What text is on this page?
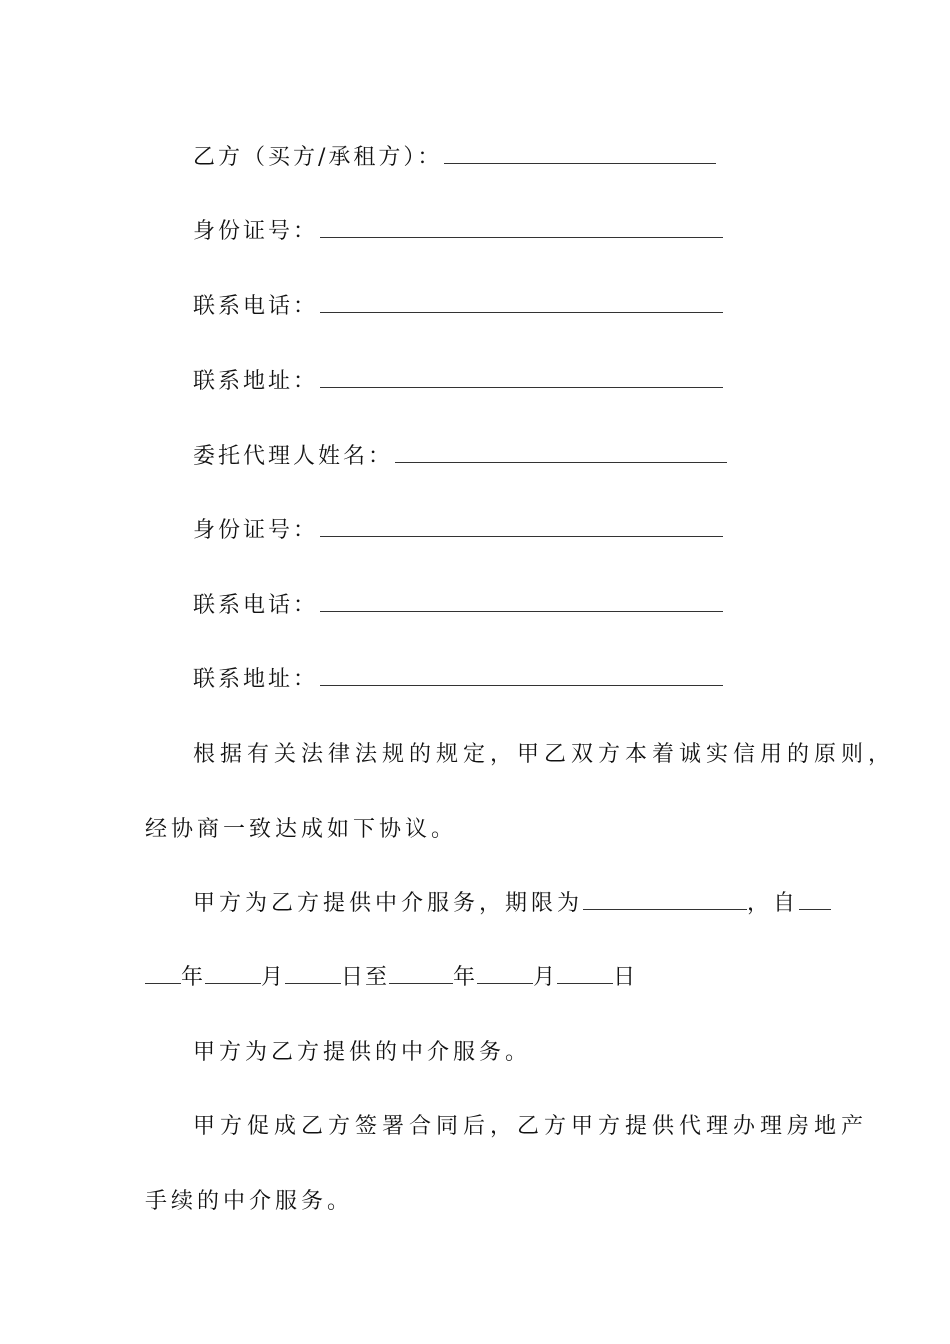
乙方（买方/承租方）：
身份证号：
联系电话：
联系地址：
委托代理人姓名：
身份证号：
联系电话：
联系地址：
根据有关法律法规的规定，甲乙双方本着诚实信用的原则，
经协商一致达成如下协议。
甲方为乙方提供中介服务，期限为	，自
年	月	日至	年	月	日
甲方为乙方提供的中介服务。
甲方促成乙方签署合同后，乙方甲方提供代理办理房地产
手续的中介服务。
